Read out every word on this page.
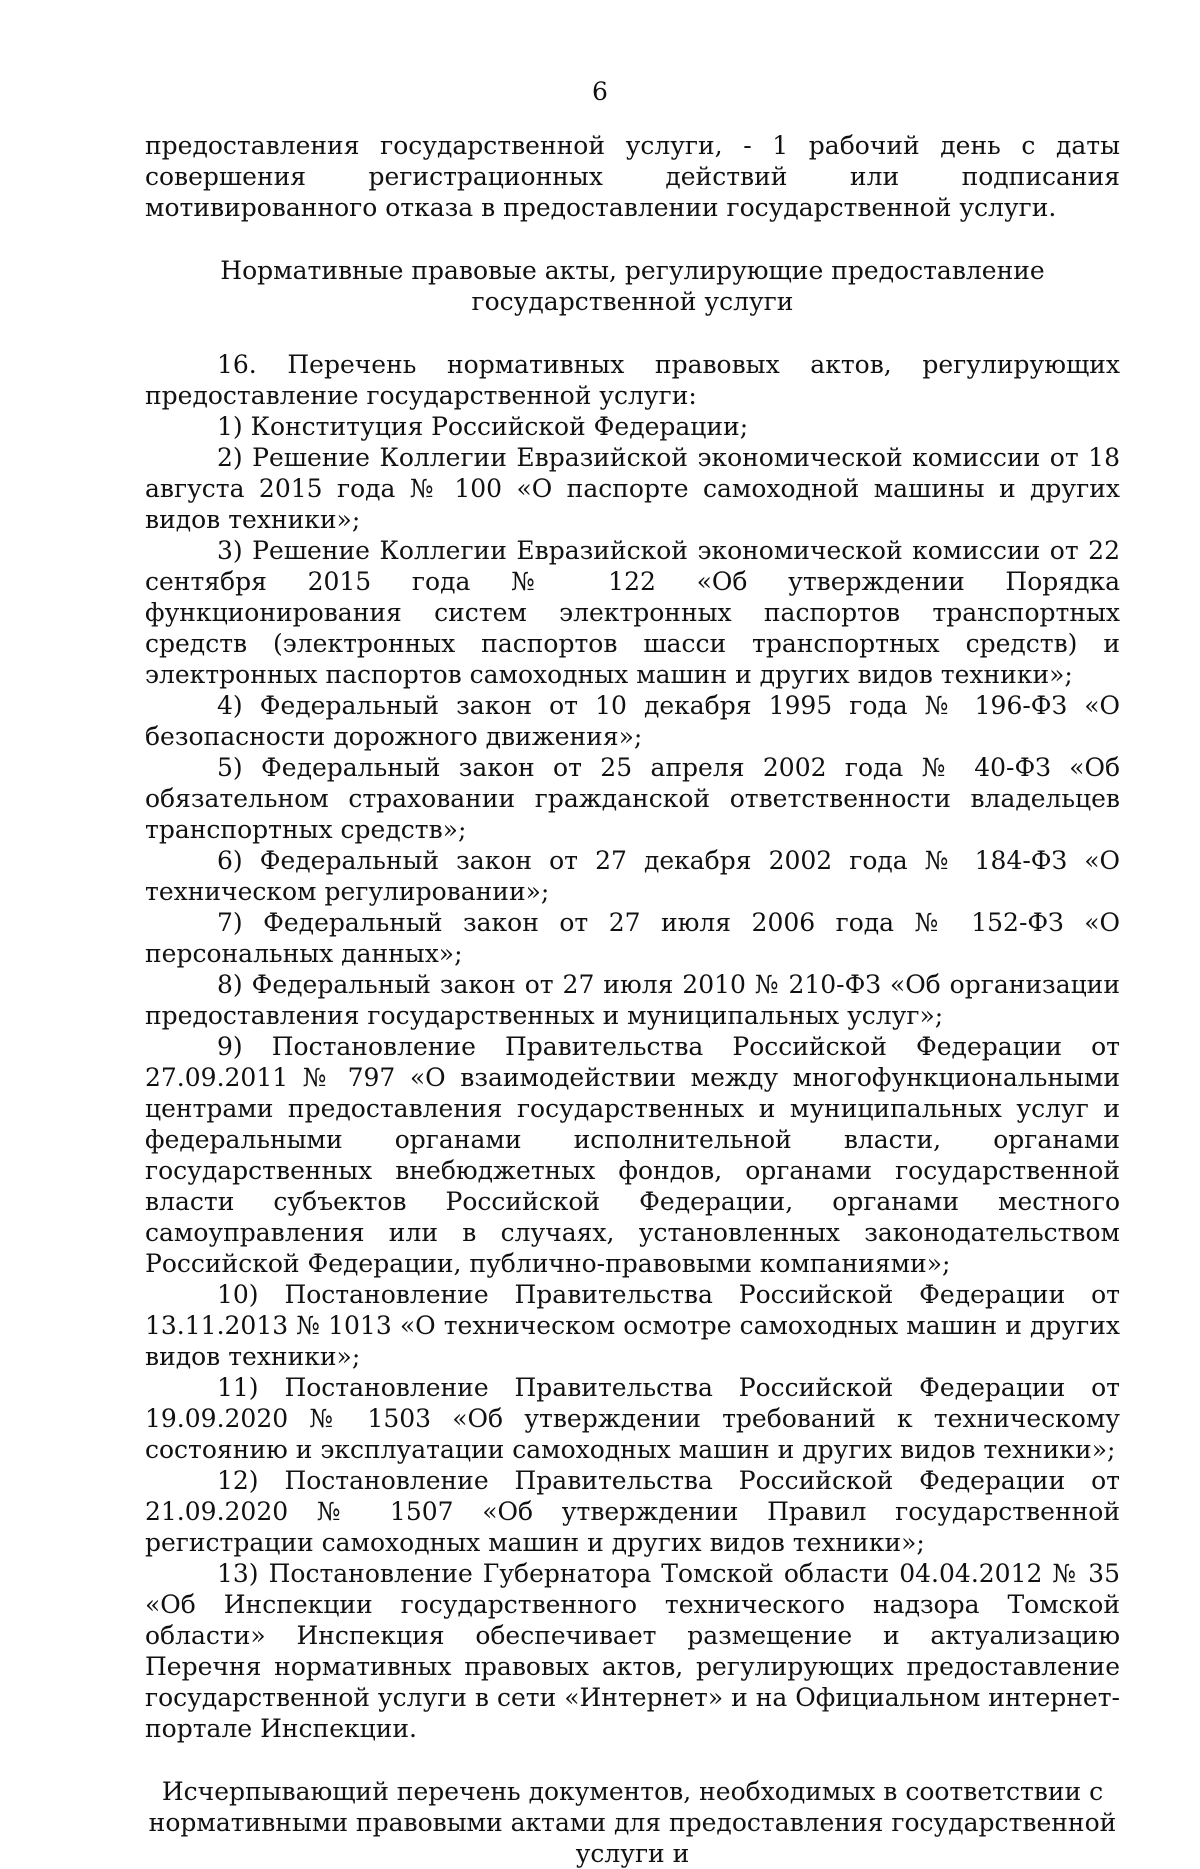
6

предоставления государственной услуги, - 1 рабочий день с даты совершения регистрационных действий или подписания мотивированного отказа в предоставлении государственной услуги.

Нормативные правовые акты, регулирующие предоставление государственной услуги

16. Перечень нормативных правовых актов, регулирующих предоставление государственной услуги:

1) Конституция Российской Федерации;

2) Решение Коллегии Евразийской экономической комиссии от 18 августа 2015 года № 100 «О паспорте самоходной машины и других видов техники»;

3) Решение Коллегии Евразийской экономической комиссии от 22 сентября 2015 года № 122 «Об утверждении Порядка функционирования систем электронных паспортов транспортных средств (электронных паспортов шасси транспортных средств) и электронных паспортов самоходных машин и других видов техники»;

4) Федеральный закон от 10 декабря 1995 года № 196-ФЗ «О безопасности дорожного движения»;

5) Федеральный закон от 25 апреля 2002 года № 40-ФЗ «Об обязательном страховании гражданской ответственности владельцев транспортных средств»;

6) Федеральный закон от 27 декабря 2002 года № 184-ФЗ «О техническом регулировании»;

7) Федеральный закон от 27 июля 2006 года № 152-ФЗ «О персональных данных»;

8) Федеральный закон от 27 июля 2010 № 210-ФЗ «Об организации предоставления государственных и муниципальных услуг»;

9) Постановление Правительства Российской Федерации от 27.09.2011 № 797 «О взаимодействии между многофункциональными центрами предоставления государственных и муниципальных услуг и федеральными органами исполнительной власти, органами государственных внебюджетных фондов, органами государственной власти субъектов Российской Федерации, органами местного самоуправления или в случаях, установленных законодательством Российской Федерации, публично-правовыми компаниями»;

10) Постановление Правительства Российской Федерации от 13.11.2013 № 1013 «О техническом осмотре самоходных машин и других видов техники»;

11) Постановление Правительства Российской Федерации от 19.09.2020 № 1503 «Об утверждении требований к техническому состоянию и эксплуатации самоходных машин и других видов техники»;

12) Постановление Правительства Российской Федерации от 21.09.2020 № 1507 «Об утверждении Правил государственной регистрации самоходных машин и других видов техники»;

13) Постановление Губернатора Томской области 04.04.2012 № 35 «Об Инспекции государственного технического надзора Томской области» Инспекция обеспечивает размещение и актуализацию Перечня нормативных правовых актов, регулирующих предоставление государственной услуги в сети «Интернет» и на Официальном интернет-портале Инспекции.

Исчерпывающий перечень документов, необходимых в соответствии с нормативными правовыми актами для предоставления государственной услуги и
